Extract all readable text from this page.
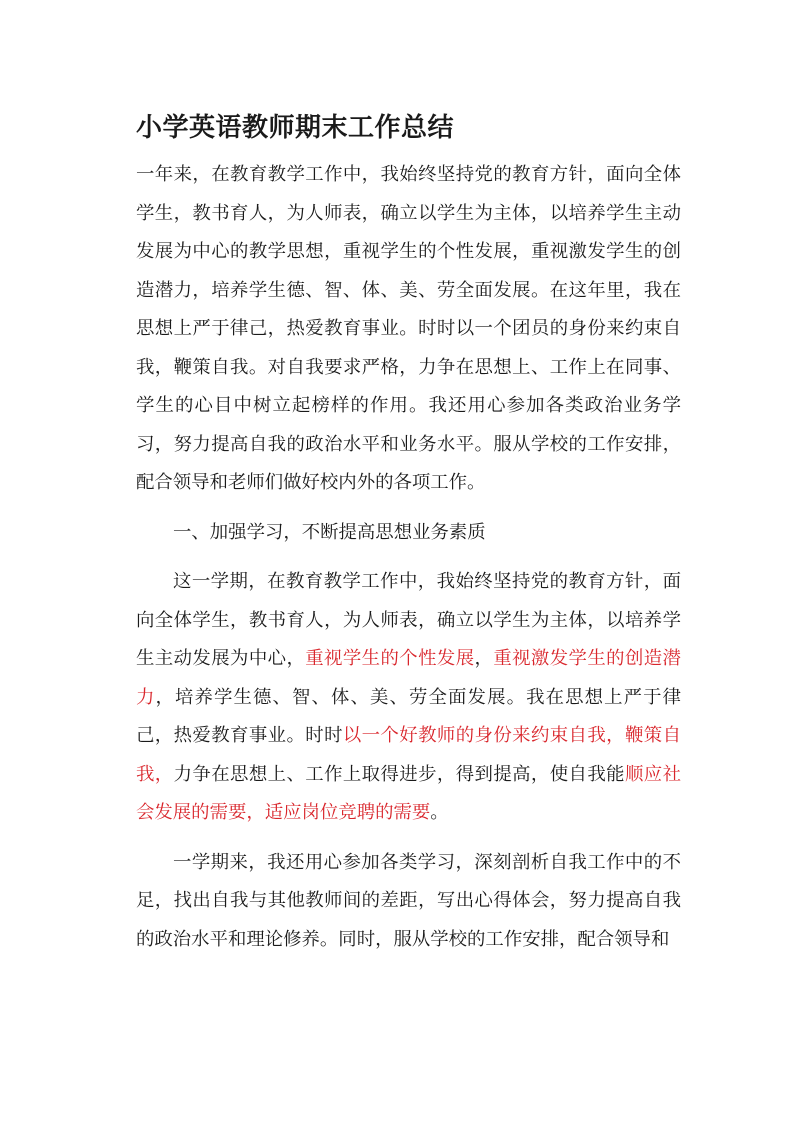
小学英语教师期末工作总结

一年来，在教育教学工作中，我始终坚持党的教育方针，面向全体学生，教书育人，为人师表，确立以学生为主体，以培养学生主动发展为中心的教学思想，重视学生的个性发展，重视激发学生的创造潜力，培养学生德、智、体、美、劳全面发展。在这年里，我在思想上严于律己，热爱教育事业。时时以一个团员的身份来约束自我，鞭策自我。对自我要求严格，力争在思想上、工作上在同事、学生的心目中树立起榜样的作用。我还用心参加各类政治业务学习，努力提高自我的政治水平和业务水平。服从学校的工作安排，配合领导和老师们做好校内外的各项工作。

一、加强学习，不断提高思想业务素质

这一学期，在教育教学工作中，我始终坚持党的教育方针，面向全体学生，教书育人，为人师表，确立以学生为主体，以培养学生主动发展为中心，重视学生的个性发展，重视激发学生的创造潜力，培养学生德、智、体、美、劳全面发展。我在思想上严于律己，热爱教育事业。时时以一个好教师的身份来约束自我，鞭策自我，力争在思想上、工作上取得进步，得到提高，使自我能顺应社会发展的需要，适应岗位竞聘的需要。

一学期来，我还用心参加各类学习，深刻剖析自我工作中的不足，找出自我与其他教师间的差距，写出心得体会，努力提高自我的政治水平和理论修养。同时，服从学校的工作安排，配合领导和
